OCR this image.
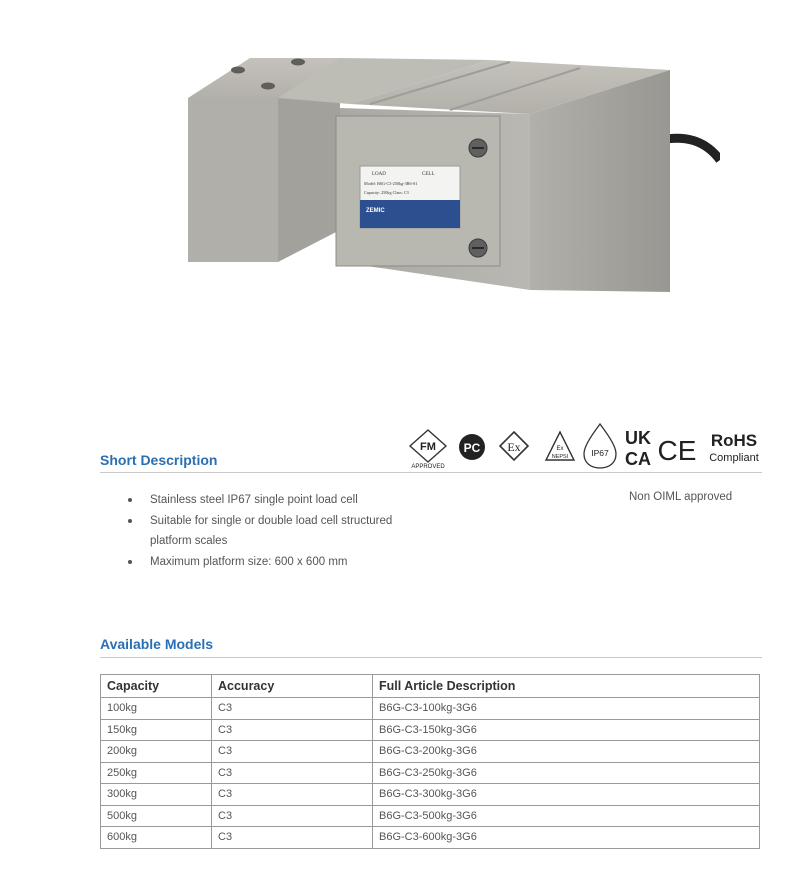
LOAD	CELL
Model: B6G-C3-250kg-3B6-S1
Capacity: 250kg Class: C3
ZEMIC
Short Description
FM
APPROVED
PC Ex	Ex
NEPSI	IP67
UK
CA CE RoHS
Compliant
Stainless steel IP67 single point load cell
Suitable for single or double load cell structured platform scales
Maximum platform size: 600 x 600 mm
Non OIML approved
Available Models
Capacity	Accuracy	Full Article Description
100kg	C3	B6G-C3-100kg-3G6
150kg	C3	B6G-C3-150kg-3G6
200kg	C3	B6G-C3-200kg-3G6
250kg	C3	B6G-C3-250kg-3G6
300kg	C3	B6G-C3-300kg-3G6
500kg	C3	B6G-C3-500kg-3G6
600kg	C3	B6G-C3-600kg-3G6
